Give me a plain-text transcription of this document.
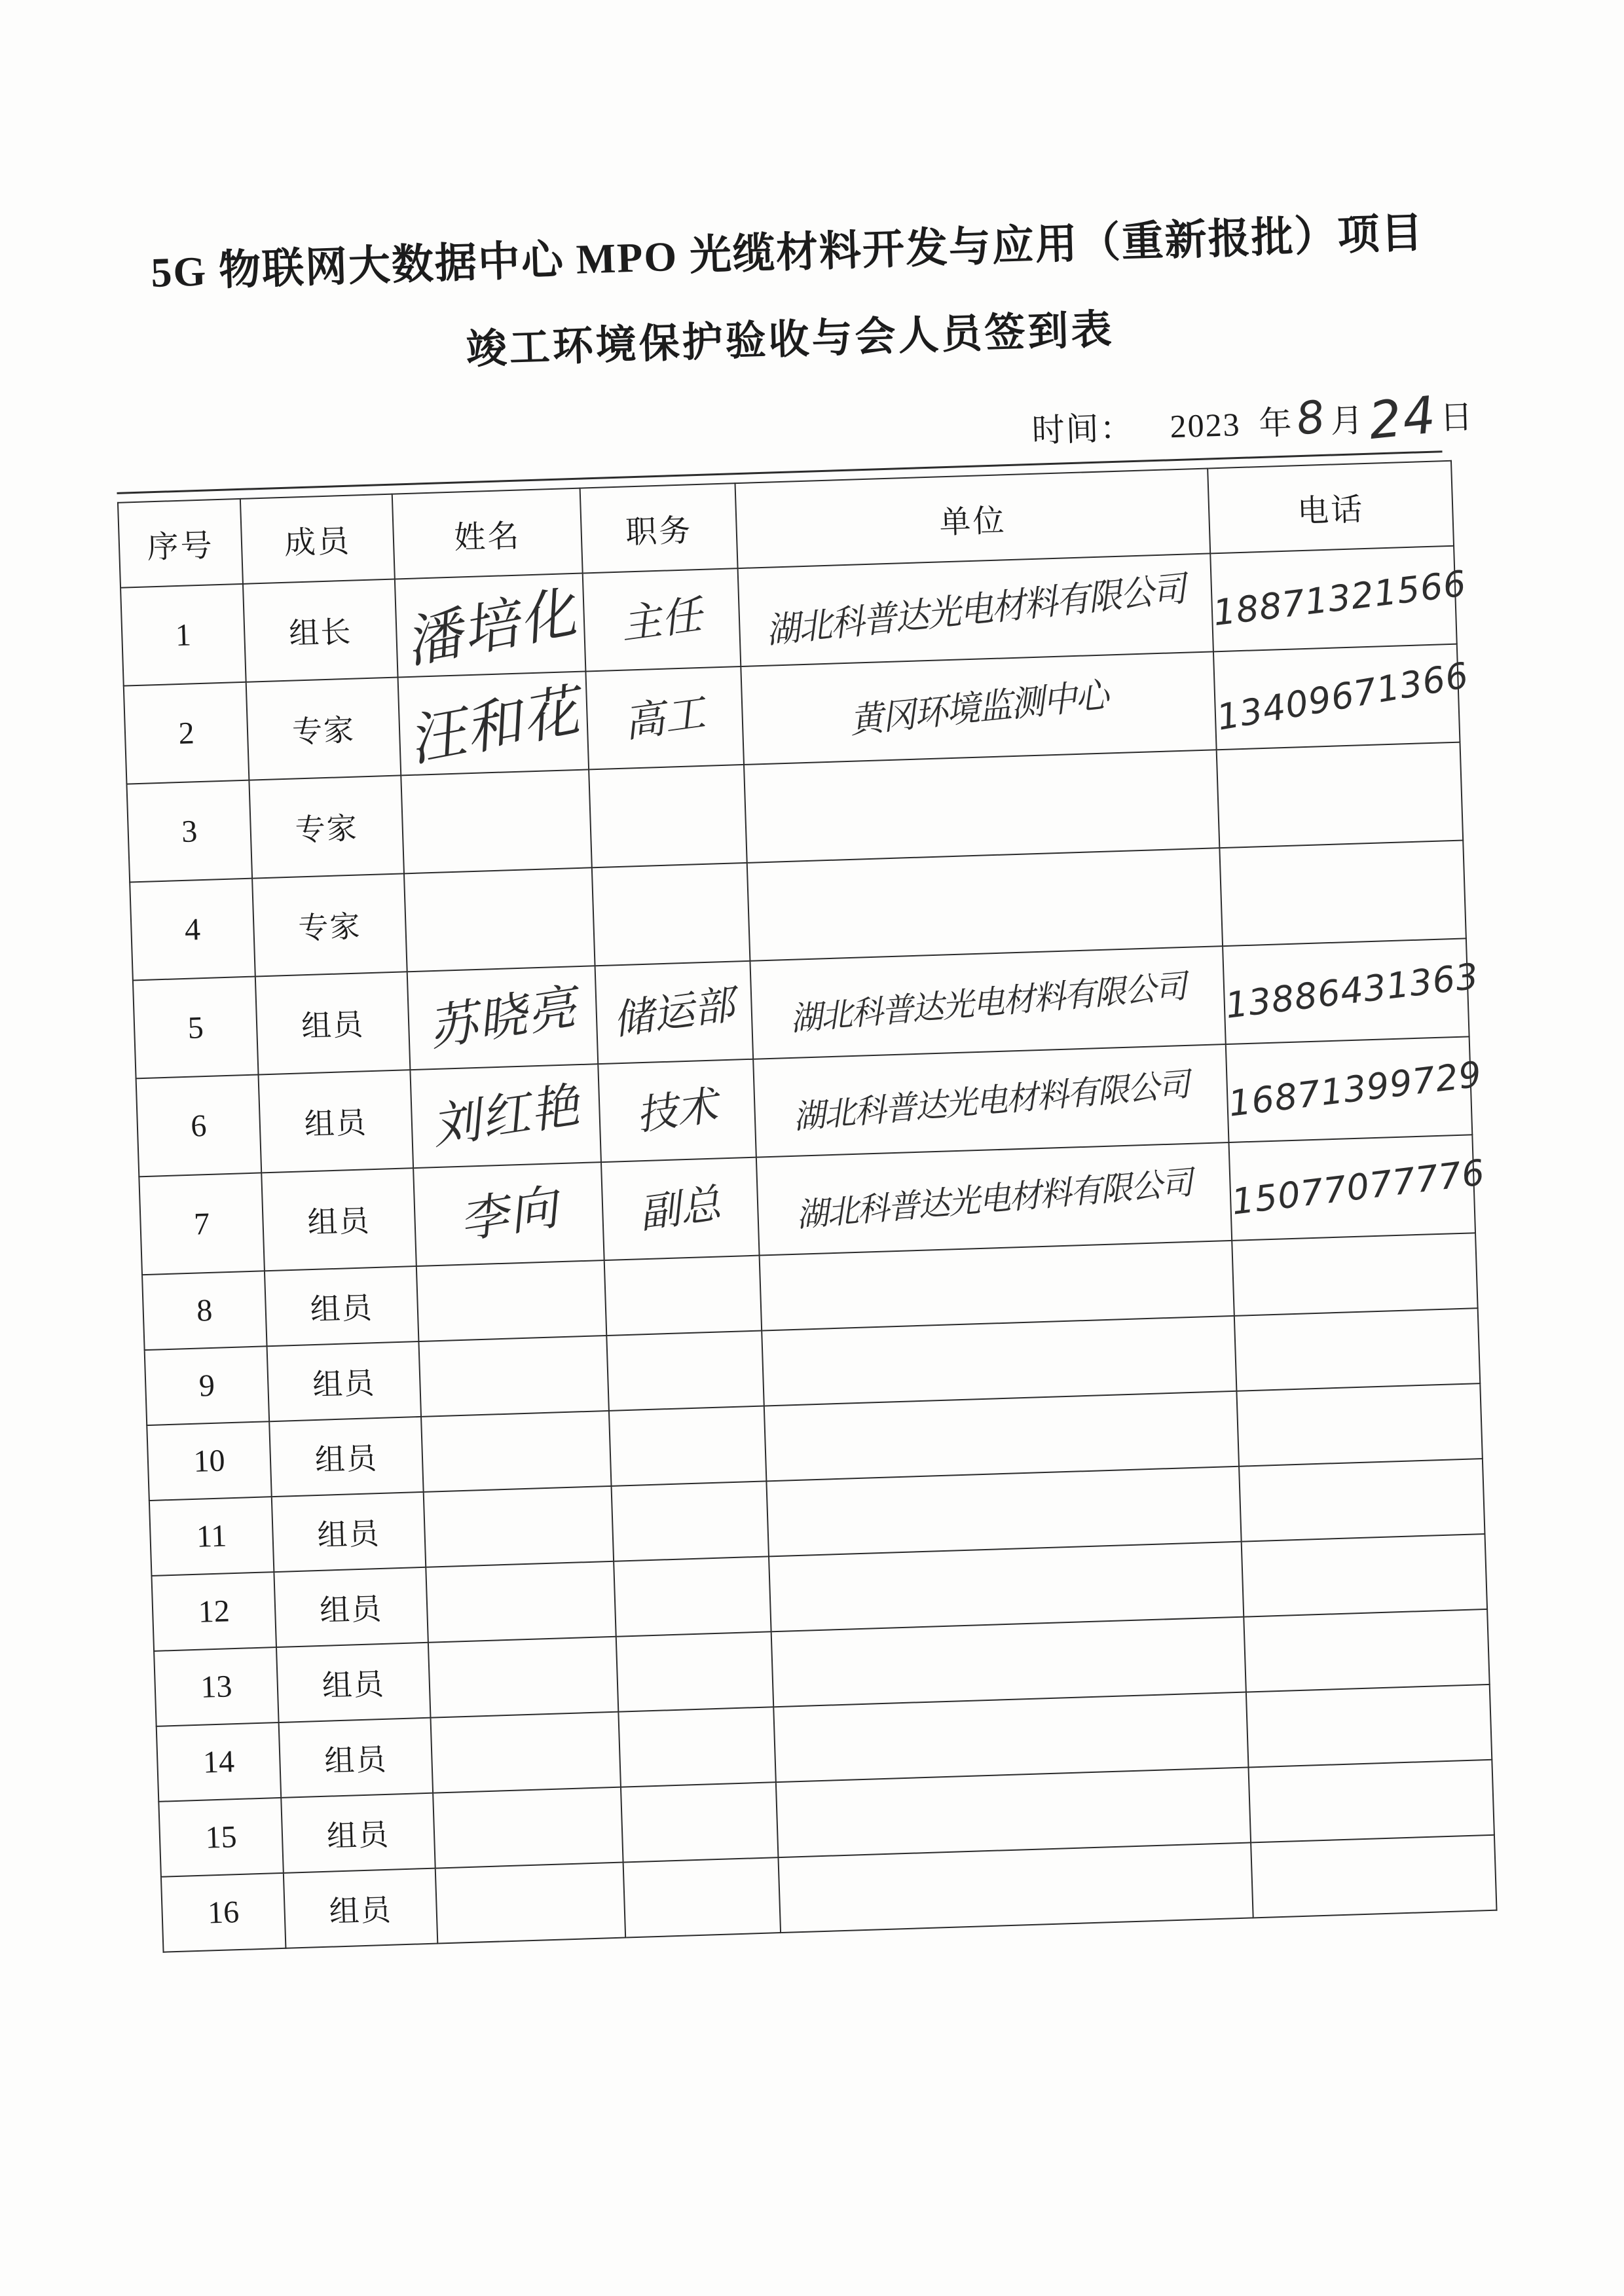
5G 物联网大数据中心 MPO 光缆材料开发与应用（重新报批）项目
竣工环境保护验收与会人员签到表
时间： 2023 年8月24日
序号	成员	姓名	职务	单位	电话
1	组长	潘培化	主任	湖北科普达光电材料有限公司	18871321566
2	专家	汪和花	高工	黄冈环境监测中心	13409671366
3	专家				
4	专家				
5	组员	苏晓亮	储运部	湖北科普达光电材料有限公司	13886431363
6	组员	刘红艳	技术	湖北科普达光电材料有限公司	16871399729
7	组员	李向	副总	湖北科普达光电材料有限公司	15077077776
8	组员				
9	组员				
10	组员				
11	组员				
12	组员				
13	组员				
14	组员				
15	组员				
16	组员				
